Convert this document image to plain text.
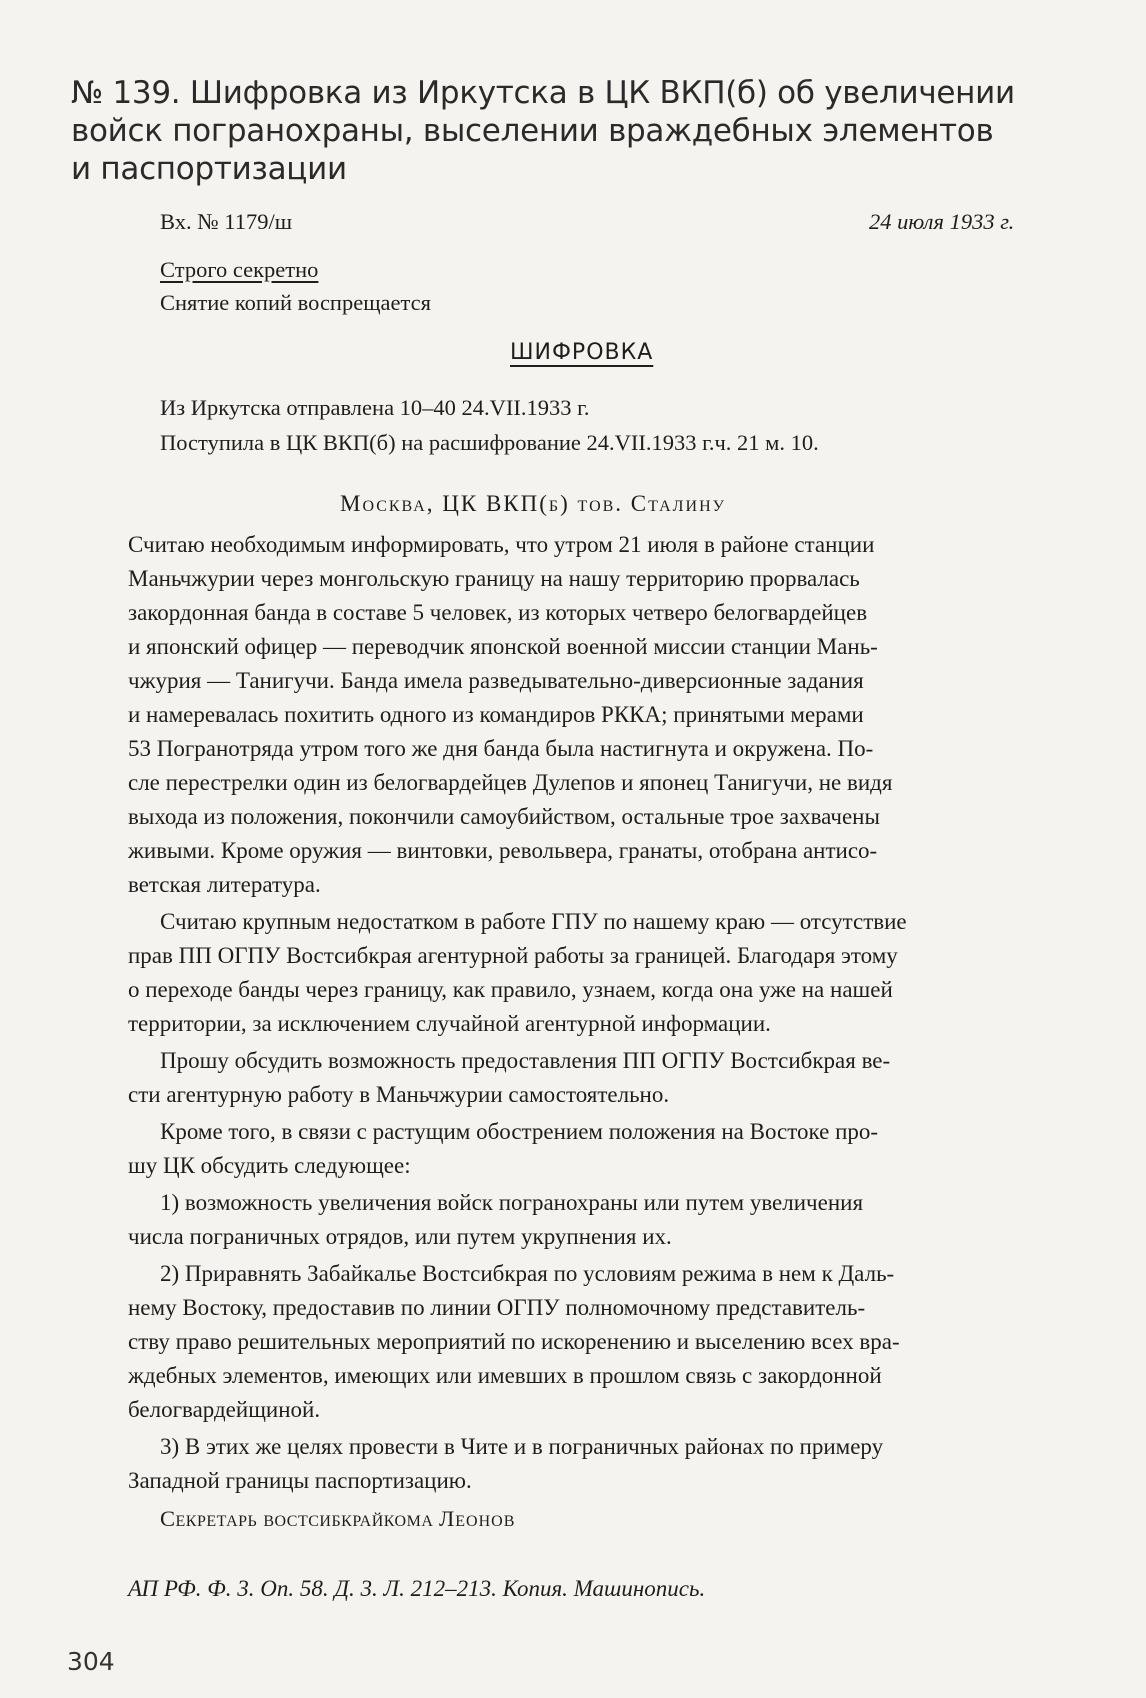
№ 139. Шифровка из Иркутска в ЦК ВКП(б) об увеличении
войск погранохраны, выселении враждебных элементов
и паспортизации
Вх. № 1179/ш	24 июля 1933 г.
Строго секретно
Снятие копий воспрещается
ШИФРОВКА
Из Иркутска отправлена 10–40 24.VII.1933 г.
Поступила в ЦК ВКП(б) на расшифрование 24.VII.1933 г.ч. 21 м. 10.
Москва, ЦК ВКП(б) тов. Сталину
Считаю необходимым информировать, что утром 21 июля в районе станции
Маньчжурии через монгольскую границу на нашу территорию прорвалась
закордонная банда в составе 5 человек, из которых четверо белогвардейцев
и японский офицер — переводчик японской военной миссии станции Мань-
чжурия — Танигучи. Банда имела разведывательно-диверсионные задания
и намеревалась похитить одного из командиров РККА; принятыми мерами
53 Погранотряда утром того же дня банда была настигнута и окружена. По-
сле перестрелки один из белогвардейцев Дулепов и японец Танигучи, не видя
выхода из положения, покончили самоубийством, остальные трое захвачены
живыми. Кроме оружия — винтовки, револьвера, гранаты, отобрана антисо-
ветская литература.
Считаю крупным недостатком в работе ГПУ по нашему краю — отсутствие
прав ПП ОГПУ Востсибкрая агентурной работы за границей. Благодаря этому
о переходе банды через границу, как правило, узнаем, когда она уже на нашей
территории, за исключением случайной агентурной информации.
Прошу обсудить возможность предоставления ПП ОГПУ Востсибкрая ве-
сти агентурную работу в Маньчжурии самостоятельно.
Кроме того, в связи с растущим обострением положения на Востоке про-
шу ЦК обсудить следующее:
1) возможность увеличения войск погранохраны или путем увеличения
числа пограничных отрядов, или путем укрупнения их.
2) Приравнять Забайкалье Востсибкрая по условиям режима в нем к Даль-
нему Востоку, предоставив по линии ОГПУ полномочному представитель-
ству право решительных мероприятий по искоренению и выселению всех вра-
ждебных элементов, имеющих или имевших в прошлом связь с закордонной
белогвардейщиной.
3) В этих же целях провести в Чите и в пограничных районах по примеру
Западной границы паспортизацию.
Секретарь востсибкрайкома Леонов
АП РФ. Ф. 3. Оп. 58. Д. 3. Л. 212–213. Копия. Машинопись.
304
